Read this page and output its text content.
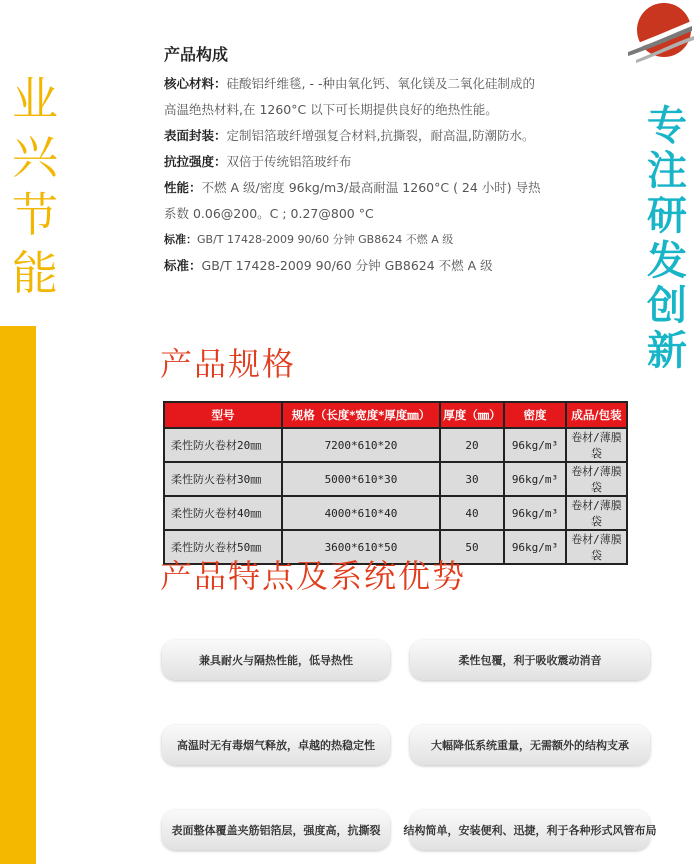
业兴节能
专注研发创新
产品构成
核心材料：硅酸铝纤维毯, - -种由氧化钙、氧化镁及二氧化硅制成的
高温绝热材料,在 1260°C 以下可长期提供良好的绝热性能。
表面封装：定制铝箔玻纤增强复合材料,抗撕裂，耐高温,防潮防水。
抗拉强度：双倍于传统铝箔玻纤布
性能：不燃 A 级/密度 96kg/m3/最高耐温 1260°C ( 24 小时) 导热
系数 0.06@200。C ; 0.27@800 °C
标准：GB/T 17428-2009 90/60 分钟 GB8624 不燃 A 级
标准：GB/T 17428-2009 90/60 分钟 GB8624 不燃 A 级
产品规格
型号	规格（长度*宽度*厚度㎜）	厚度（㎜）	密度	成品/包装
柔性防火卷材20㎜	7200*610*20	20	96kg/m³	卷材/薄膜袋
柔性防火卷材30㎜	5000*610*30	30	96kg/m³	卷材/薄膜袋
柔性防火卷材40㎜	4000*610*40	40	96kg/m³	卷材/薄膜袋
柔性防火卷材50㎜	3600*610*50	50	96kg/m³	卷材/薄膜袋
产品特点及系统优势
兼具耐火与隔热性能，低导热性	柔性包覆，利于吸收震动消音
高温时无有毒烟气释放，卓越的热稳定性	大幅降低系统重量，无需额外的结构支承
表面整体覆盖夹筋铝箔层，强度高，抗撕裂	结构简单，安装便利、迅捷，利于各种形式风管布局
